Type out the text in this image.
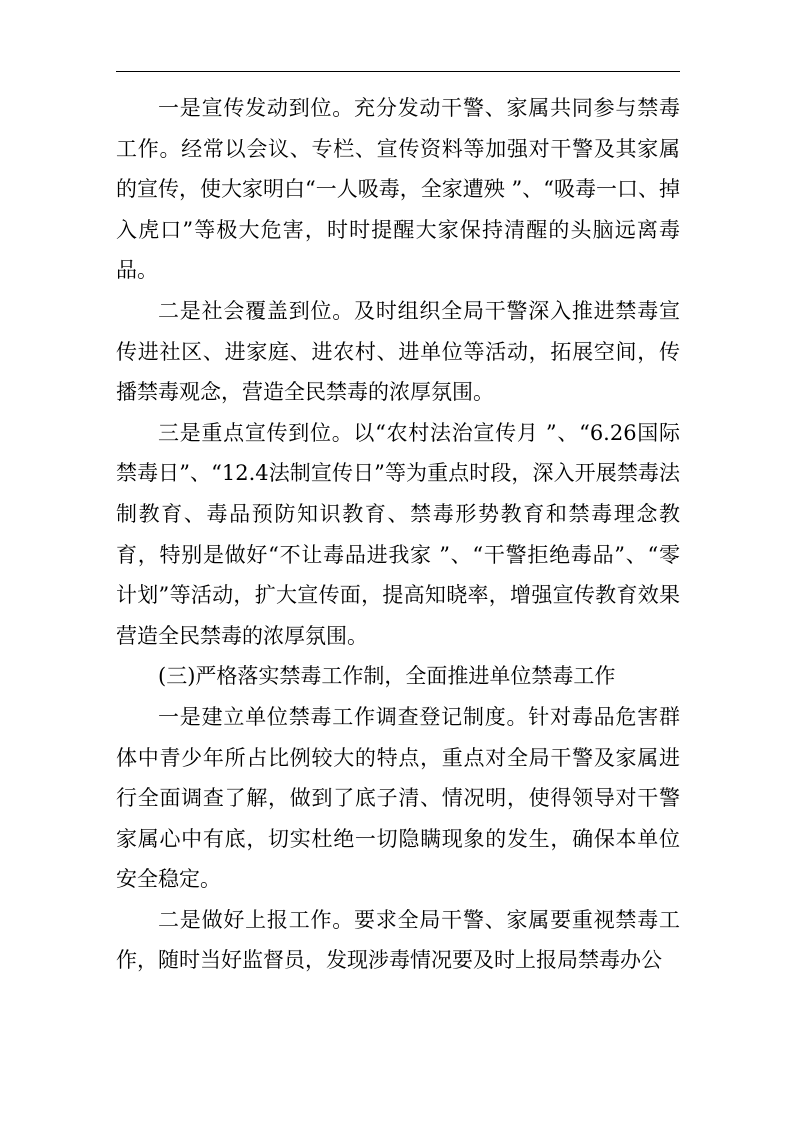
一是宣传发动到位。充分发动干警、家属共同参与禁毒工作。经常以会议、专栏、宣传资料等加强对干警及其家属的宣传，使大家明白“一人吸毒，全家遭殃 ”、“吸毒一口、掉入虎口”等极大危害，时时提醒大家保持清醒的头脑远离毒品。

二是社会覆盖到位。及时组织全局干警深入推进禁毒宣传进社区、进家庭、进农村、进单位等活动，拓展空间，传播禁毒观念，营造全民禁毒的浓厚氛围。

三是重点宣传到位。以“农村法治宣传月 ”、“6.26国际禁毒日”、“12.4法制宣传日”等为重点时段，深入开展禁毒法制教育、毒品预防知识教育、禁毒形势教育和禁毒理念教育，特别是做好“不让毒品进我家 ”、“干警拒绝毒品”、“零计划”等活动，扩大宣传面，提高知晓率，增强宣传教育效果营造全民禁毒的浓厚氛围。

(三)严格落实禁毒工作制，全面推进单位禁毒工作

一是建立单位禁毒工作调查登记制度。针对毒品危害群体中青少年所占比例较大的特点，重点对全局干警及家属进行全面调查了解，做到了底子清、情况明，使得领导对干警家属心中有底，切实杜绝一切隐瞒现象的发生，确保本单位安全稳定。

二是做好上报工作。要求全局干警、家属要重视禁毒工作，随时当好监督员，发现涉毒情况要及时上报局禁毒办公
